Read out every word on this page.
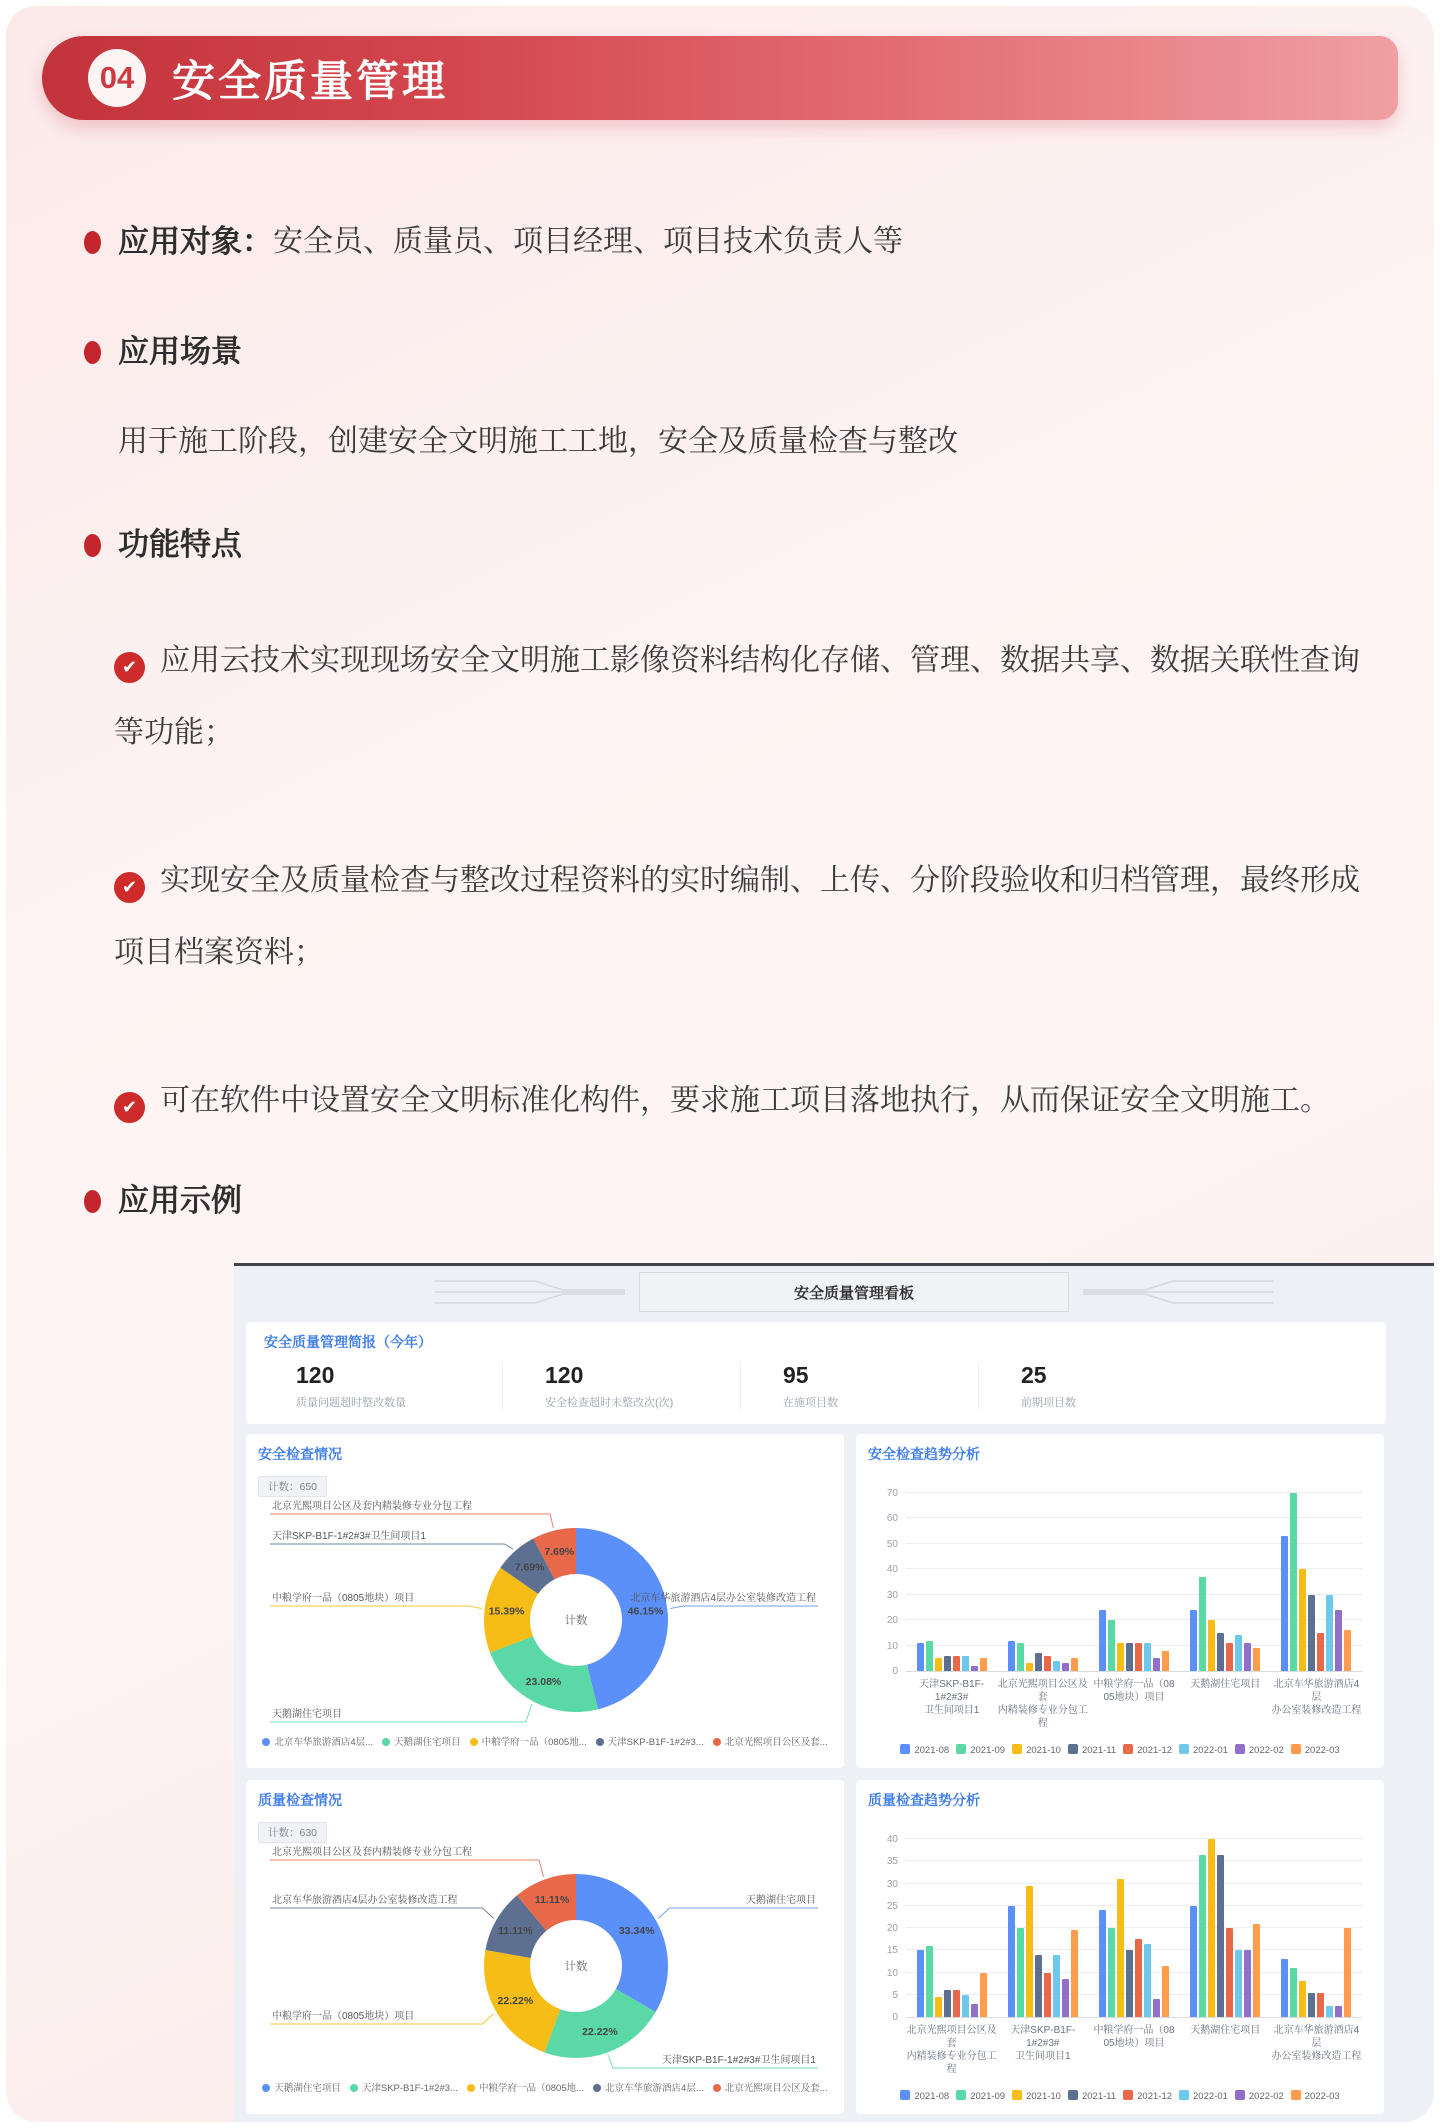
04 安全质量管理
应用对象： 安全员、质量员、项目经理、项目技术负责人等
应用场景
用于施工阶段，创建安全文明施工工地，安全及质量检查与整改
功能特点
✔应用云技术实现现场安全文明施工影像资料结构化存储、管理、数据共享、数据关联性查询等功能；
✔实现安全及质量检查与整改过程资料的实时编制、上传、分阶段验收和归档管理，最终形成项目档案资料；
✔可在软件中设置安全文明标准化构件，要求施工项目落地执行，从而保证安全文明施工。
应用示例
安全质量管理看板
安全质量管理简报（今年）
120
质量问题超时整改数量
120
安全检查超时未整改次(次)
95
在施项目数
25
前期项目数
安全检查情况
计数：650
46.15%
23.08%
15.39%
7.69%
7.69%
计数
北京光熙项目公区及套内精装修专业分包工程
天津SKP-B1F-1#2#3#卫生间项目1
中粮学府一品（0805地块）项目
天鹅湖住宅项目
北京车华旅游酒店4层办公室装修改造工程
北京车华旅游酒店4层...	天鹅湖住宅项目	中粮学府一品（0805地...	天津SKP-B1F-1#2#3...	北京光熙项目公区及套...
安全检查趋势分析
0
10
20
30
40
50
60
70
天津SKP-B1F-1#2#3#
卫生间项目1
北京光熙项目公区及套
内精装修专业分包工程
中粮学府一品（08
05地块）项目
天鹅湖住宅项目	北京车华旅游酒店4层
办公室装修改造工程
2021-08	2021-09	2021-10	2021-11	2021-12	2022-01	2022-02	2022-03
质量检查情况
计数：630
33.34%
22.22%
22.22%
11.11%
11.11%
计数
北京光熙项目公区及套内精装修专业分包工程
北京车华旅游酒店4层办公室装修改造工程
中粮学府一品（0805地块）项目
天鹅湖住宅项目
天津SKP-B1F-1#2#3#卫生间项目1
天鹅湖住宅项目	天津SKP-B1F-1#2#3...	中粮学府一品（0805地...	北京车华旅游酒店4层...	北京光熙项目公区及套...
质量检查趋势分析
0
5
10
15
20
25
30
35
40
北京光熙项目公区及套
内精装修专业分包工程
天津SKP-B1F-1#2#3#
卫生间项目1
中粮学府一品（08
05地块）项目
天鹅湖住宅项目	北京车华旅游酒店4层
办公室装修改造工程
2021-08	2021-09	2021-10	2021-11	2021-12	2022-01	2022-02	2022-03
